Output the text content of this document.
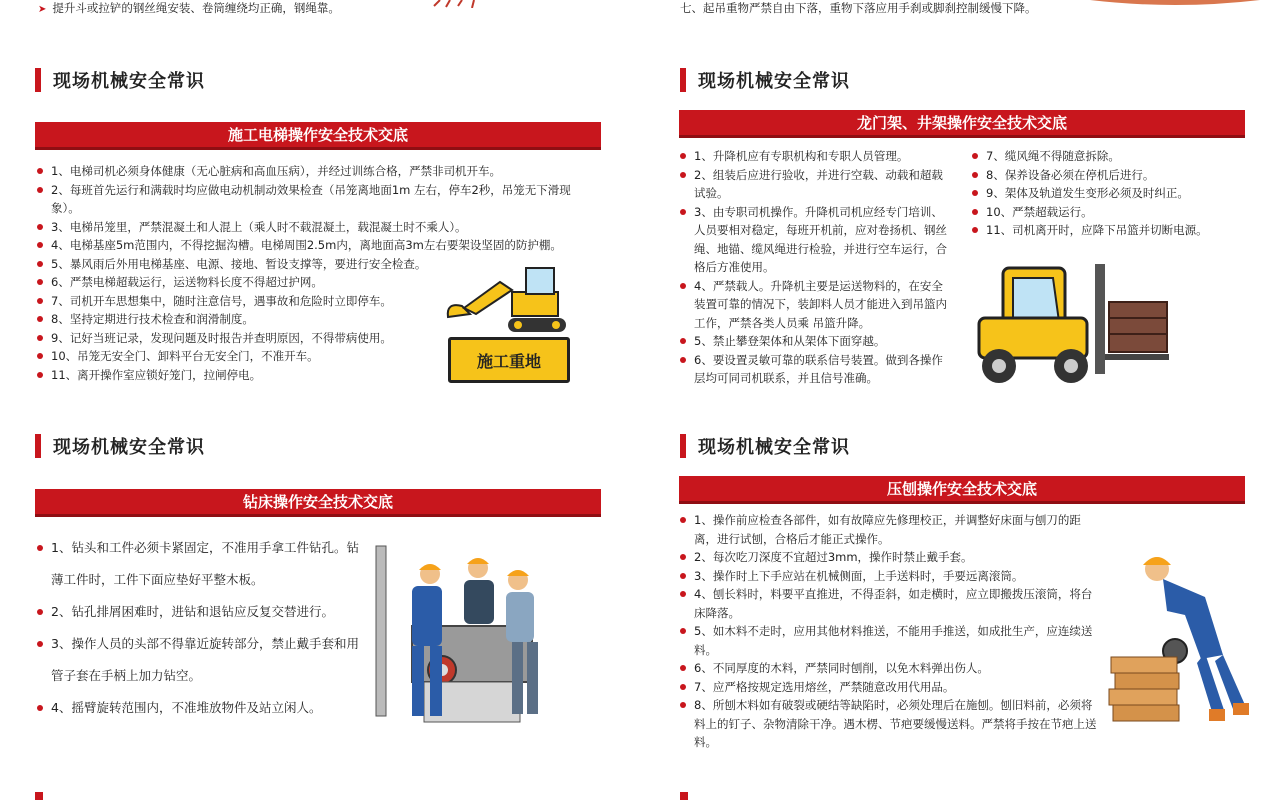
➤ 提升斗或拉铲的钢丝绳安装、卷筒缠绕均正确，钢绳靠。	七、起吊重物严禁自由下落，重物下落应用手刹或脚刹控制缓慢下降。
现场机械安全常识
施工电梯操作安全技术交底
1、电梯司机必须身体健康（无心脏病和高血压病），并经过训练合格，严禁非司机开车。
2、每班首先运行和满载时均应做电动机制动效果检查（吊笼离地面1m 左右，停车2秒，吊笼无下滑现象）。
3、电梯吊笼里，严禁混凝土和人混上（乘人时不载混凝土，载混凝土时不乘人）。
4、电梯基座5m范围内，不得挖掘沟槽。电梯周围2.5m内，离地面高3m左右要架设坚固的防护棚。
5、暴风雨后外用电梯基座、电源、接地、暂设支撑等，要进行安全检查。
6、严禁电梯超载运行，运送物料长度不得超过护网。
7、司机开车思想集中，随时注意信号，遇事故和危险时立即停车。
8、坚持定期进行技术检查和润滑制度。
9、记好当班记录，发现问题及时报告并查明原因，不得带病使用。
10、吊笼无安全门、卸料平台无安全门，不准开车。
11、离开操作室应锁好笼门，拉闸停电。
施工重地
现场机械安全常识
龙门架、井架操作安全技术交底
1、升降机应有专职机构和专职人员管理。
2、组装后应进行验收，并进行空载、动载和超载试验。
3、由专职司机操作。升降机司机应经专门培训、人员要相对稳定，每班开机前，应对卷扬机、钢丝绳、地锚、缆风绳进行检验，并进行空车运行，合格后方准使用。
4、严禁载人。升降机主要是运送物料的，在安全装置可靠的情况下，装卸料人员才能进入到吊篮内工作，严禁各类人员乘 吊篮升降。
5、禁止攀登架体和从架体下面穿越。
6、要设置灵敏可靠的联系信号装置。做到各操作层均可同司机联系，并且信号准确。
7、缆风绳不得随意拆除。
8、保养设备必须在停机后进行。
9、架体及轨道发生变形必须及时纠正。
10、严禁超载运行。
11、司机离开时，应降下吊篮并切断电源。
现场机械安全常识
钻床操作安全技术交底
1、钻头和工件必须卡紧固定，不准用手拿工件钻孔。钻薄工件时，工件下面应垫好平整木板。
2、钻孔排屑困难时，进钻和退钻应反复交替进行。
3、操作人员的头部不得靠近旋转部分，禁止戴手套和用管子套在手柄上加力钻空。
4、摇臂旋转范围内，不准堆放物件及站立闲人。
现场机械安全常识
压刨操作安全技术交底
1、操作前应检查各部件，如有故障应先修理校正，并调整好床面与刨刀的距离，进行试刨，合格后才能正式操作。
2、每次吃刀深度不宜超过3mm，操作时禁止戴手套。
3、操作时上下手应站在机械侧面，上手送料时，手要远离滚筒。
4、刨长料时，料要平直推进，不得歪斜，如走横时，应立即搬拨压滚筒，将台床降落。
5、如木料不走时，应用其他材料推送，不能用手推送，如成批生产，应连续送料。
6、不同厚度的木料，严禁同时刨削，以免木料弹出伤人。
7、应严格按规定选用熔丝，严禁随意改用代用品。
8、所刨木料如有破裂或硬结等缺陷时，必须处理后在施刨。刨旧料前，必须将料上的钉子、杂物清除干净。遇木楞、节疤要缓慢送料。严禁将手按在节疤上送料。
